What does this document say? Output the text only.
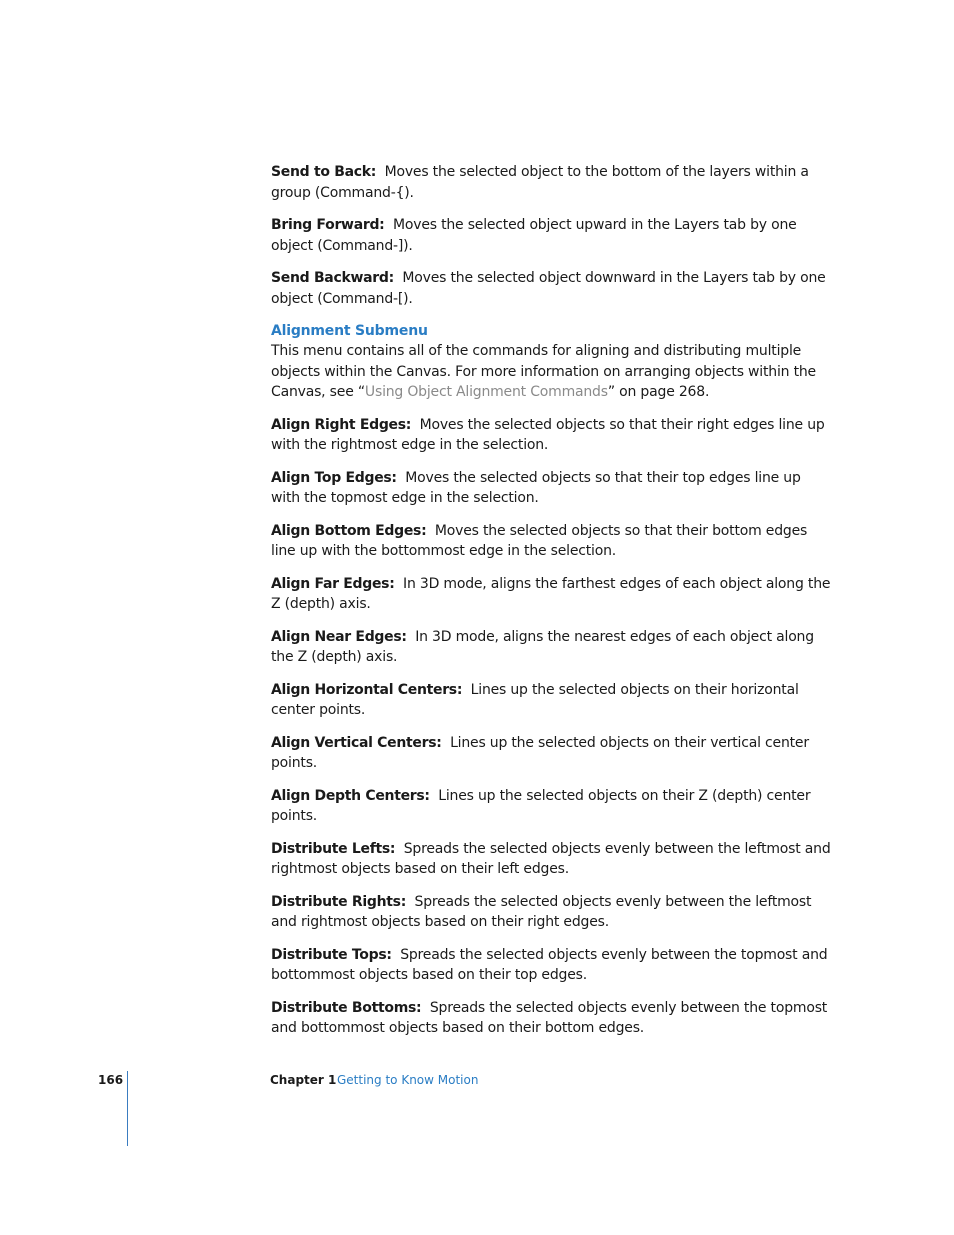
Send to Back: Moves the selected object to the bottom of the layers within a group (Command-{).

Bring Forward: Moves the selected object upward in the Layers tab by one object (Command-]).

Send Backward: Moves the selected object downward in the Layers tab by one object (Command-[).

Alignment Submenu

This menu contains all of the commands for aligning and distributing multiple objects within the Canvas. For more information on arranging objects within the Canvas, see “Using Object Alignment Commands” on page 268.

Align Right Edges: Moves the selected objects so that their right edges line up with the rightmost edge in the selection.

Align Top Edges: Moves the selected objects so that their top edges line up with the topmost edge in the selection.

Align Bottom Edges: Moves the selected objects so that their bottom edges line up with the bottommost edge in the selection.

Align Far Edges: In 3D mode, aligns the farthest edges of each object along the Z (depth) axis.

Align Near Edges: In 3D mode, aligns the nearest edges of each object along the Z (depth) axis.

Align Horizontal Centers: Lines up the selected objects on their horizontal center points.

Align Vertical Centers: Lines up the selected objects on their vertical center points.

Align Depth Centers: Lines up the selected objects on their Z (depth) center points.

Distribute Lefts: Spreads the selected objects evenly between the leftmost and rightmost objects based on their left edges.

Distribute Rights: Spreads the selected objects evenly between the leftmost and rightmost objects based on their right edges.

Distribute Tops: Spreads the selected objects evenly between the topmost and bottommost objects based on their top edges.

Distribute Bottoms: Spreads the selected objects evenly between the topmost and bottommost objects based on their bottom edges.

166	Chapter 1 Getting to Know Motion
